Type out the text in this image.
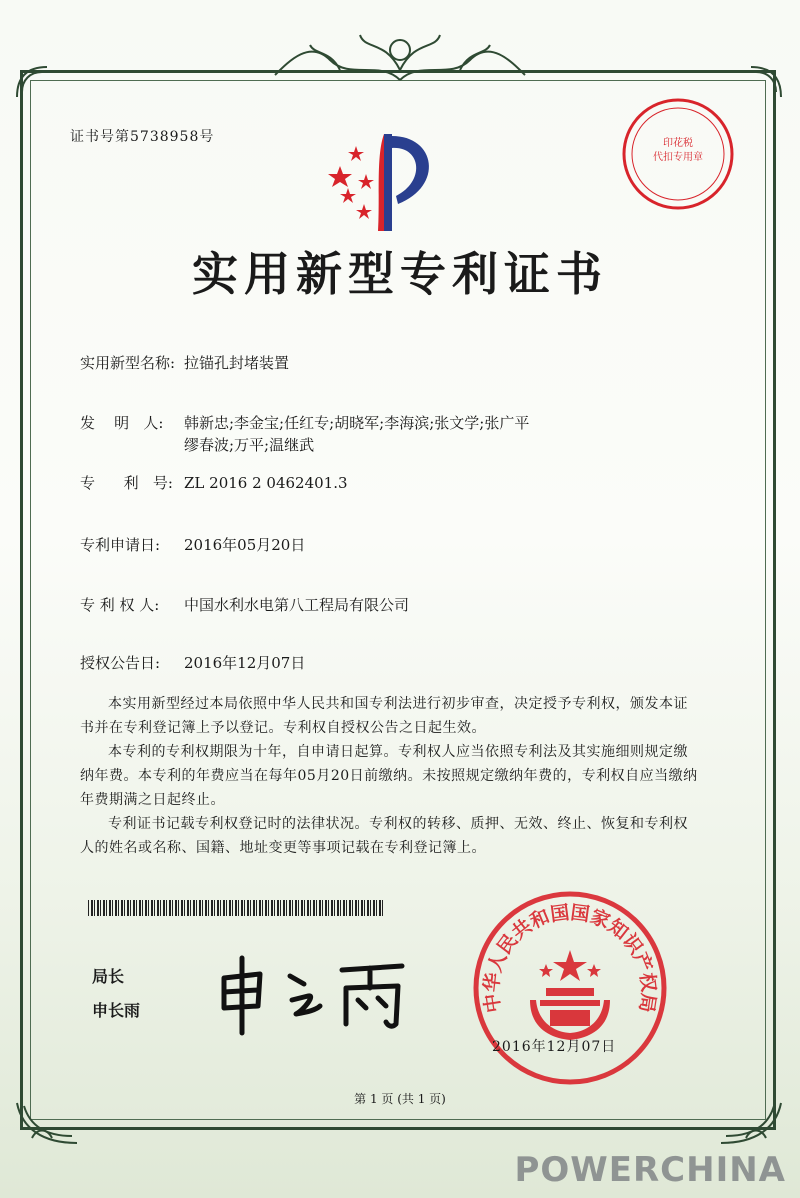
证书号第5738958号	印花税
代扣专用章
实用新型专利证书
实用新型名称: 拉锚孔封堵装置
发    明   人: 韩新忠;李金宝;任红专;胡晓军;李海滨;张文学;张广平
缪春波;万平;温继武
专      利   号: ZL 2016 2 0462401.3
专利申请日: 2016年05月20日
专 利 权 人: 中国水利水电第八工程局有限公司
授权公告日: 2016年12月07日

本实用新型经过本局依照中华人民共和国专利法进行初步审查，决定授予专利权，颁发本证书并在专利登记簿上予以登记。专利权自授权公告之日起生效。

本专利的专利权期限为十年，自申请日起算。专利权人应当依照专利法及其实施细则规定缴纳年费。本专利的年费应当在每年05月20日前缴纳。未按照规定缴纳年费的，专利权自应当缴纳年费期满之日起终止。

专利证书记载专利权登记时的法律状况。专利权的转移、质押、无效、终止、恢复和专利权人的姓名或名称、国籍、地址变更等事项记载在专利登记簿上。

局长
申长雨	中华人民共和国国家知识产权局
2016年12月07日
第 1 页 (共 1 页)
POWERCHINA
